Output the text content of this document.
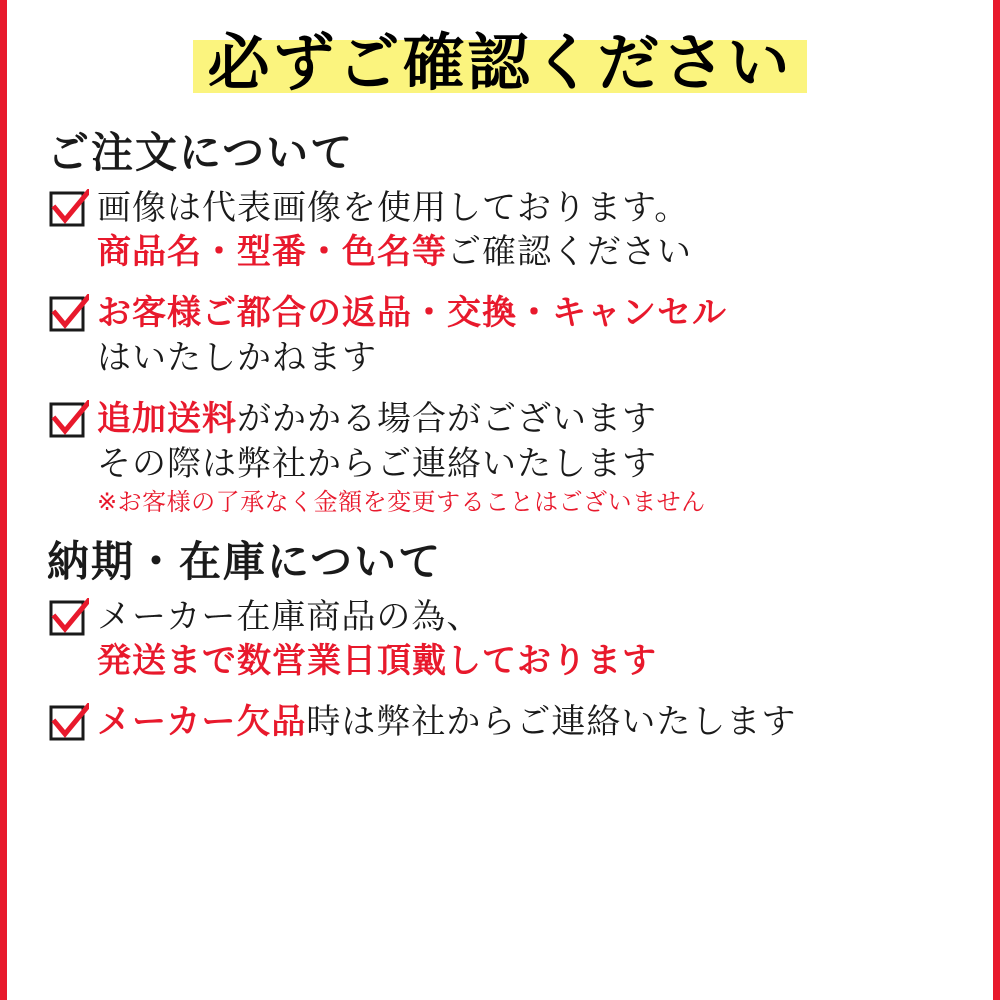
必ずご確認ください
ご注文について
画像は代表画像を使用しております。 商品名・型番・色名等ご確認ください
お客様ご都合の返品・交換・キャンセル はいたしかねます
追加送料がかかる場合がございます その際は弊社からご連絡いたします ※お客様の了承なく金額を変更することはございません
納期・在庫について
メーカー在庫商品の為、 発送まで数営業日頂戴しております
メーカー欠品時は弊社からご連絡いたします
